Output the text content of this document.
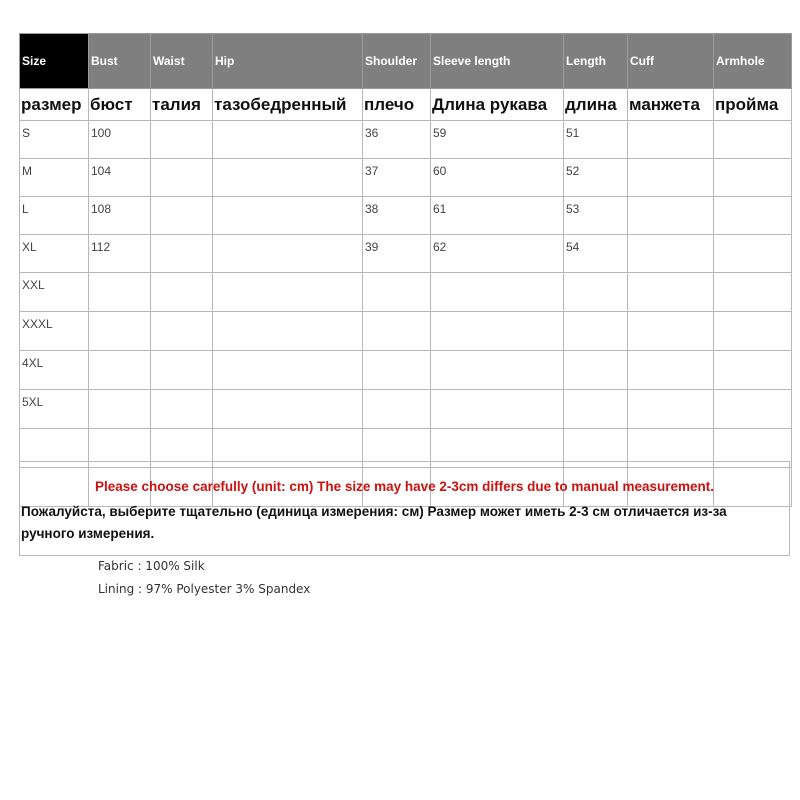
Size	Bust	Waist	Hip	Shoulder	Sleeve length	Length	Cuff	Armhole
размер	бюст	талия	тазобедренный	плечо	Длина рукава	длина	манжета	пройма
S	100			36	59	51		
M	104			37	60	52		
L	108			38	61	53		
XL	112			39	62	54		
XXL								
XXXL								
4XL								
5XL								

Please choose carefully (unit: cm) The size may have 2-3cm differs due to manual measurement.
Пожалуйста, выберите тщательно (единица измерения: см) Размер может иметь 2-3 см отличается из-за ручного измерения.
Fabric : 100% Silk
Lining : 97% Polyester 3% Spandex
